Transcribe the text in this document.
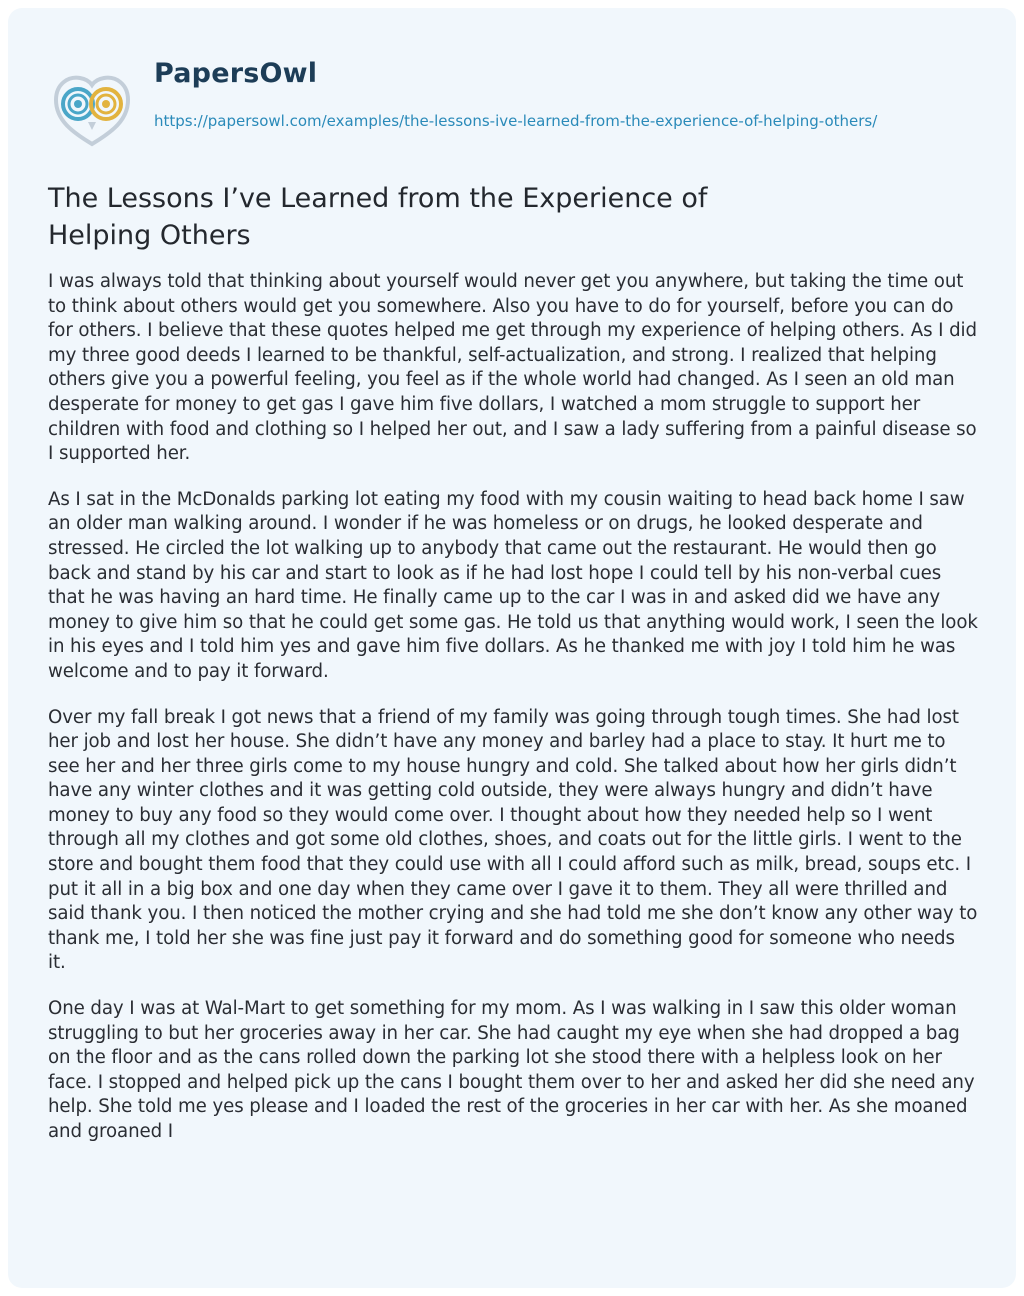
PapersOwl
https://papersowl.com/examples/the-lessons-ive-learned-from-the-experience-of-helping-others/
The Lessons I’ve Learned from the Experience of Helping Others

I was always told that thinking about yourself would never get you anywhere, but taking the time out to think about others would get you somewhere. Also you have to do for yourself, before you can do for others. I believe that these quotes helped me get through my experience of helping others. As I did my three good deeds I learned to be thankful, self-actualization, and strong. I realized that helping others give you a powerful feeling, you feel as if the whole world had changed. As I seen an old man desperate for money to get gas I gave him five dollars, I watched a mom struggle to support her children with food and clothing so I helped her out, and I saw a lady suffering from a painful disease so I supported her.

As I sat in the McDonalds parking lot eating my food with my cousin waiting to head back home I saw an older man walking around. I wonder if he was homeless or on drugs, he looked desperate and stressed. He circled the lot walking up to anybody that came out the restaurant. He would then go back and stand by his car and start to look as if he had lost hope I could tell by his non-verbal cues that he was having an hard time. He finally came up to the car I was in and asked did we have any money to give him so that he could get some gas. He told us that anything would work, I seen the look in his eyes and I told him yes and gave him five dollars. As he thanked me with joy I told him he was welcome and to pay it forward.

Over my fall break I got news that a friend of my family was going through tough times. She had lost her job and lost her house. She didn’t have any money and barley had a place to stay. It hurt me to see her and her three girls come to my house hungry and cold. She talked about how her girls didn’t have any winter clothes and it was getting cold outside, they were always hungry and didn’t have money to buy any food so they would come over. I thought about how they needed help so I went through all my clothes and got some old clothes, shoes, and coats out for the little girls. I went to the store and bought them food that they could use with all I could afford such as milk, bread, soups etc. I put it all in a big box and one day when they came over I gave it to them. They all were thrilled and said thank you. I then noticed the mother crying and she had told me she don’t know any other way to thank me, I told her she was fine just pay it forward and do something good for someone who needs it.

One day I was at Wal-Mart to get something for my mom. As I was walking in I saw this older woman struggling to but her groceries away in her car. She had caught my eye when she had dropped a bag on the floor and as the cans rolled down the parking lot she stood there with a helpless look on her face. I stopped and helped pick up the cans I bought them over to her and asked her did she need any help. She told me yes please and I loaded the rest of the groceries in her car with her. As she moaned and groaned I
